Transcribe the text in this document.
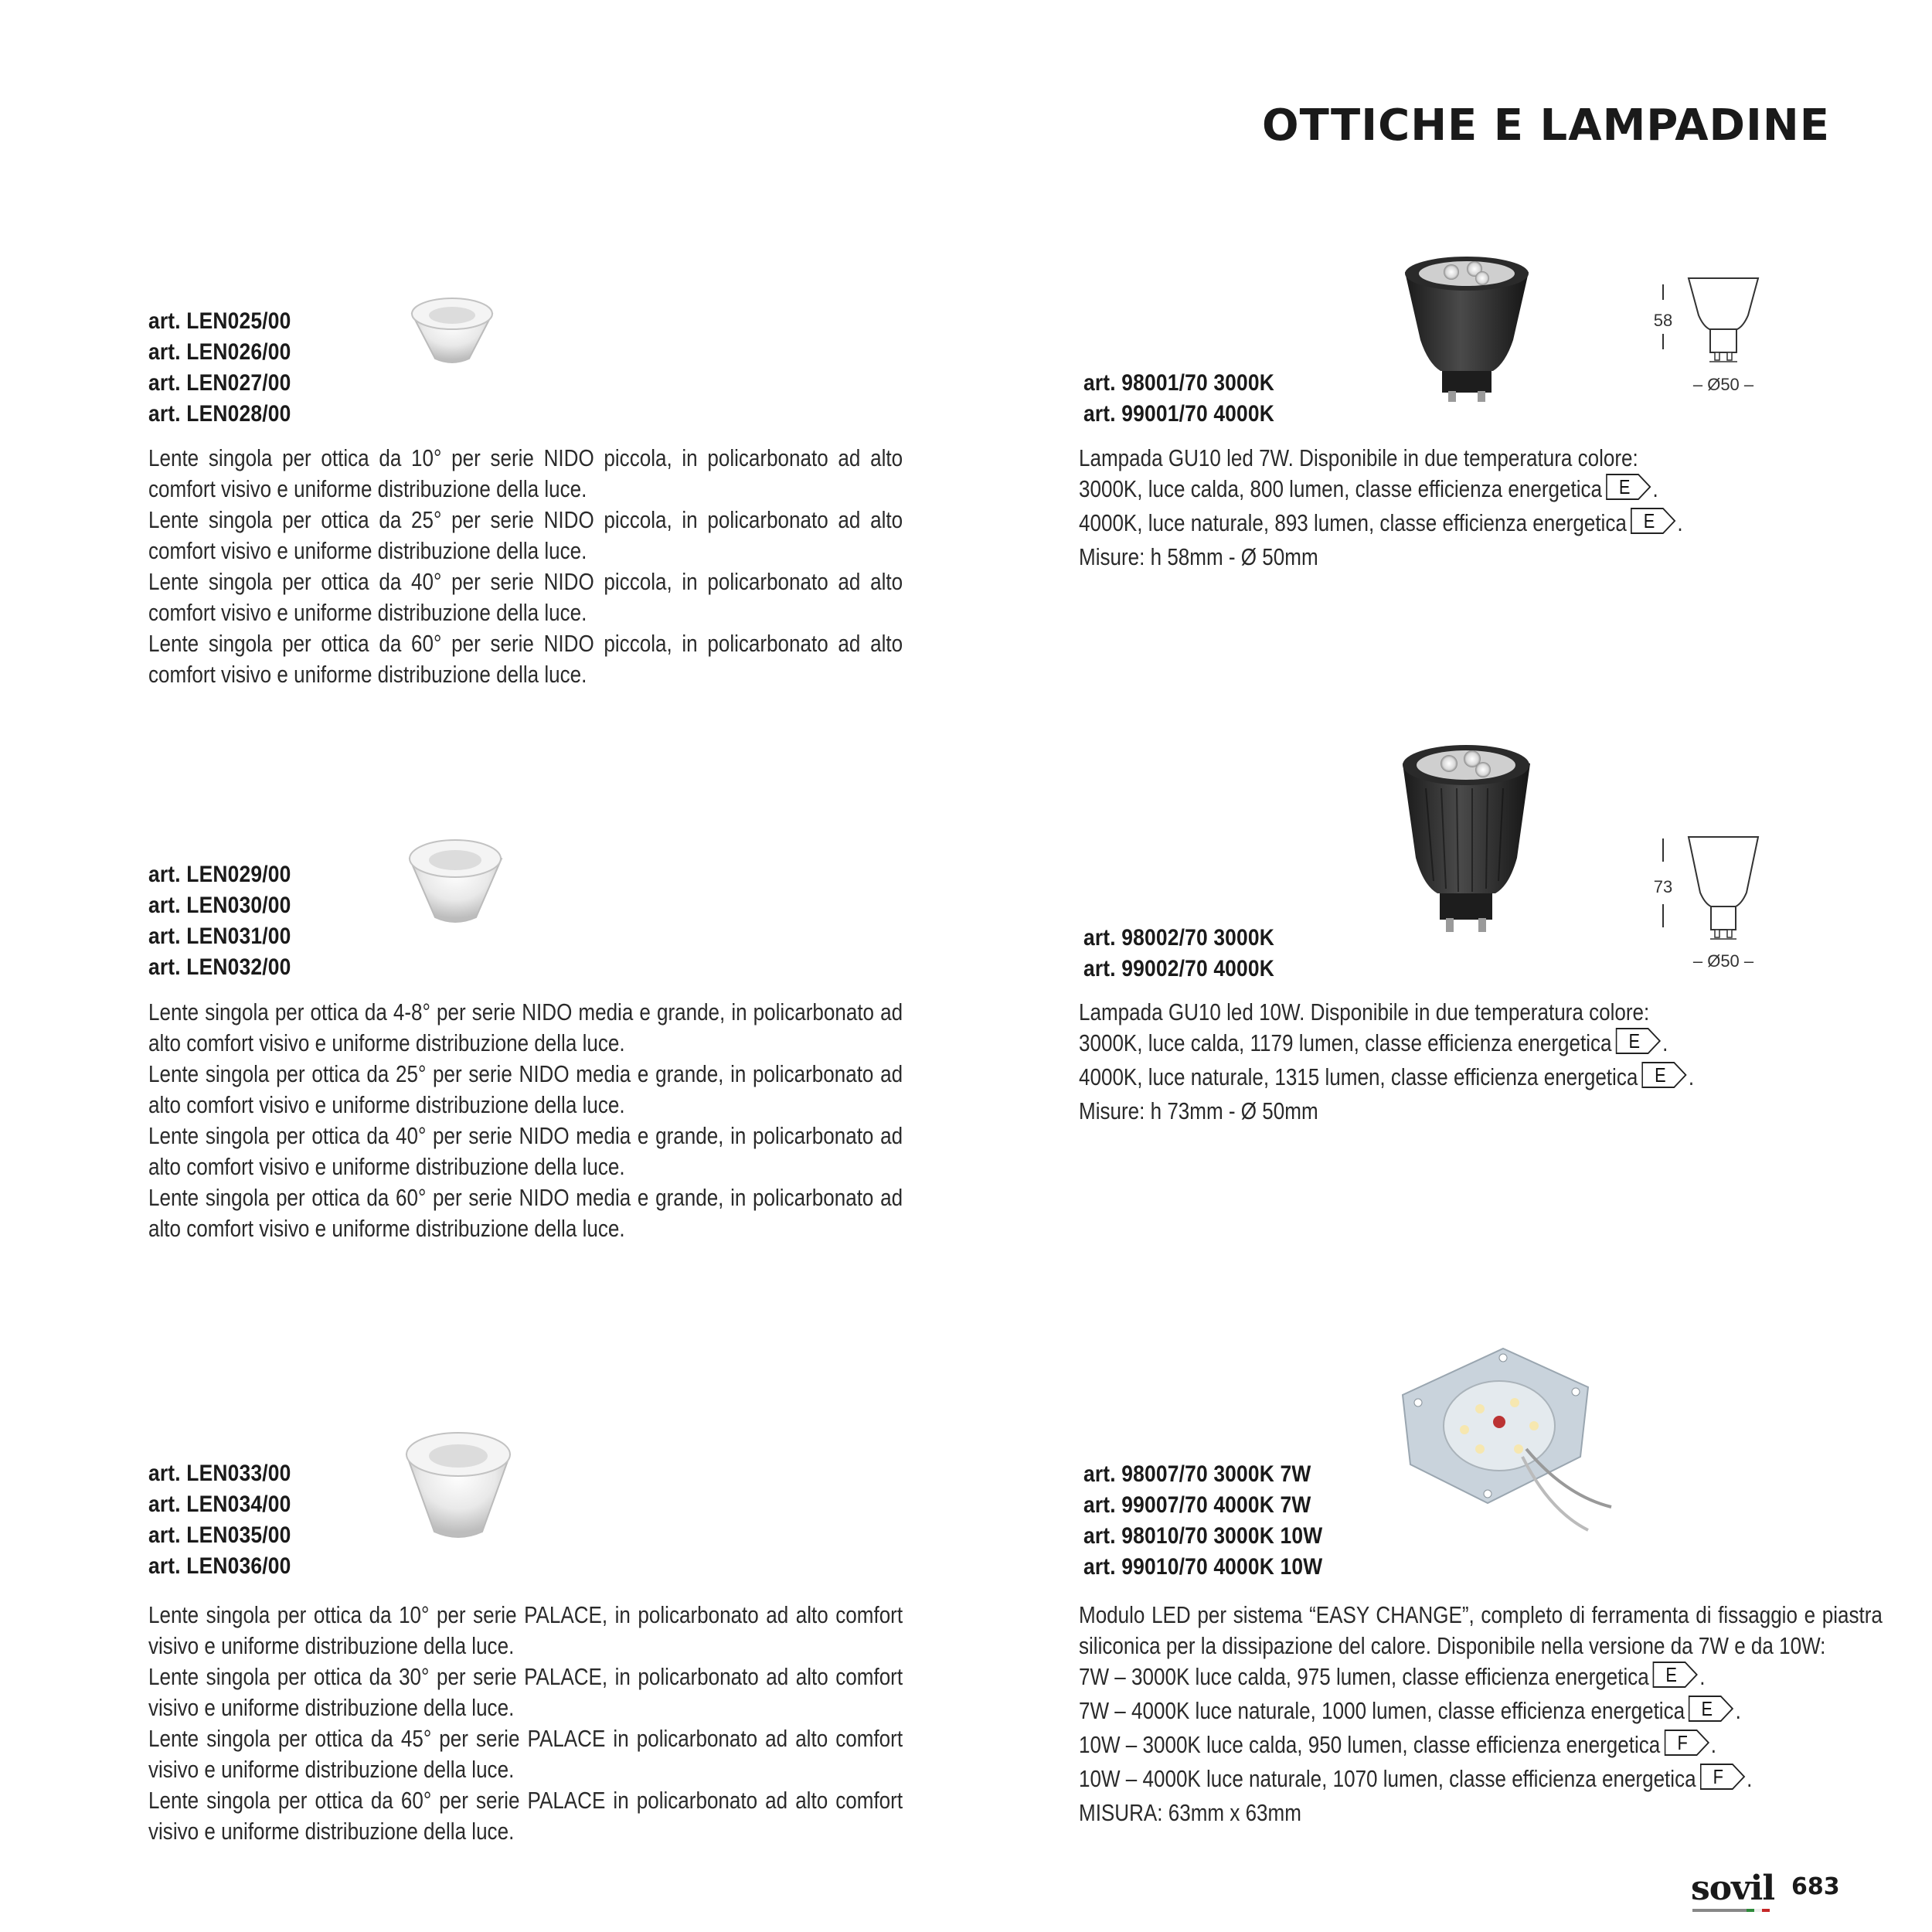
OTTICHE E LAMPADINE
art. LEN025/00
art. LEN026/00
art. LEN027/00
art. LEN028/00

Lente singola per ottica da 10° per serie NIDO piccola, in policarbonato ad alto comfort visivo e uniforme distribuzione della luce.

Lente singola per ottica da 25° per serie NIDO piccola, in policarbonato ad alto comfort visivo e uniforme distribuzione della luce.

Lente singola per ottica da 40° per serie NIDO piccola, in policarbonato ad alto comfort visivo e uniforme distribuzione della luce.

Lente singola per ottica da 60° per serie NIDO piccola, in policarbonato ad alto comfort visivo e uniforme distribuzione della luce.

art. LEN029/00
art. LEN030/00
art. LEN031/00
art. LEN032/00

Lente singola per ottica da 4-8° per serie NIDO media e grande, in policarbonato ad alto comfort visivo e uniforme distribuzione della luce.

Lente singola per ottica da 25° per serie NIDO media e grande, in policarbonato ad alto comfort visivo e uniforme distribuzione della luce.

Lente singola per ottica da 40° per serie NIDO media e grande, in policarbonato ad alto comfort visivo e uniforme distribuzione della luce.

Lente singola per ottica da 60° per serie NIDO media e grande, in policarbonato ad alto comfort visivo e uniforme distribuzione della luce.

art. LEN033/00
art. LEN034/00
art. LEN035/00
art. LEN036/00

Lente singola per ottica da 10° per serie PALACE, in policarbonato ad alto comfort visivo e uniforme distribuzione della luce.

Lente singola per ottica da 30° per serie PALACE, in policarbonato ad alto comfort visivo e uniforme distribuzione della luce.

Lente singola per ottica da 45° per serie PALACE in policarbonato ad alto comfort visivo e uniforme distribuzione della luce.

Lente singola per ottica da 60° per serie PALACE in policarbonato ad alto comfort visivo e uniforme distribuzione della luce.

58
– Ø50 –
art. 98001/70 3000K
art. 99001/70 4000K

Lampada GU10 led 7W. Disponibile in due temperatura colore:

3000K, luce calda, 800 lumen, classe efficienza energetica E .

4000K, luce naturale, 893 lumen, classe efficienza energetica E .

Misure: h 58mm - Ø 50mm

73
– Ø50 –
art. 98002/70 3000K
art. 99002/70 4000K

Lampada GU10 led 10W. Disponibile in due temperatura colore:

3000K, luce calda, 1179 lumen, classe efficienza energetica E .

4000K, luce naturale, 1315 lumen, classe efficienza energetica E .

Misure: h 73mm - Ø 50mm

art. 98007/70 3000K 7W
art. 99007/70 4000K 7W
art. 98010/70 3000K 10W
art. 99010/70 4000K 10W

Modulo LED per sistema “EASY CHANGE”, completo di ferramenta di fissaggio e piastra siliconica per la dissipazione del calore. Disponibile nella versione da 7W e da 10W:

7W – 3000K luce calda, 975 lumen, classe efficienza energetica E .

7W – 4000K luce naturale, 1000 lumen, classe efficienza energetica E .

10W – 3000K luce calda, 950 lumen, classe efficienza energetica F .

10W – 4000K luce naturale, 1070 lumen, classe efficienza energetica F .

MISURA: 63mm x 63mm

sovil 683
